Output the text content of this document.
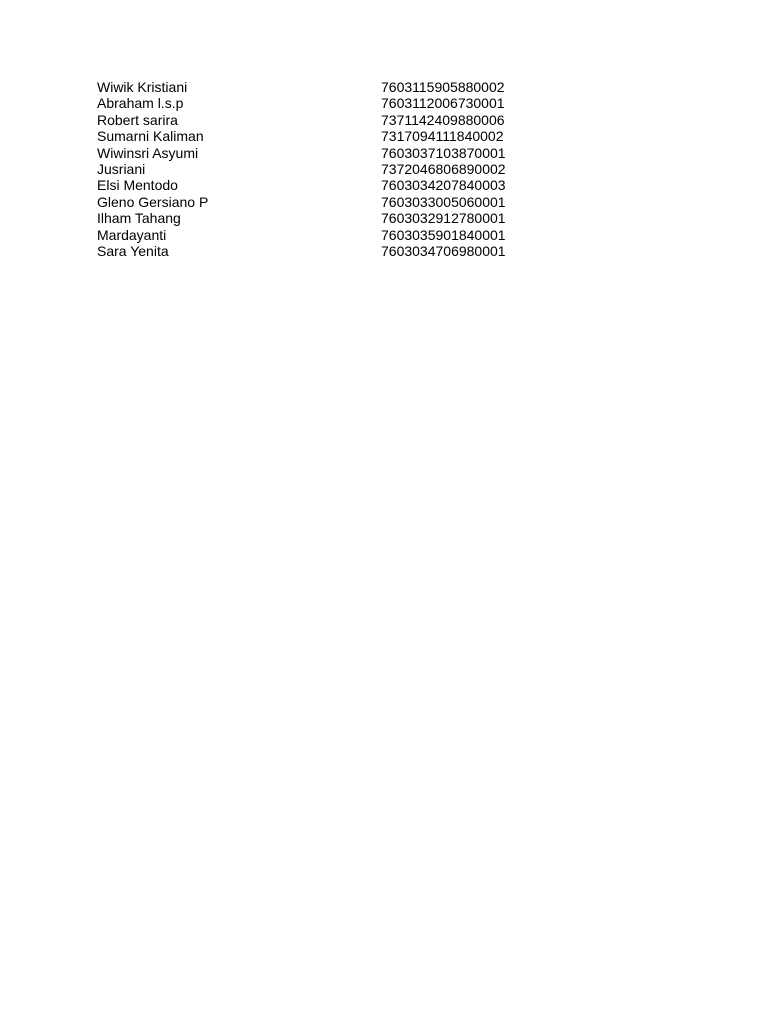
Wiwik Kristiani	7603115905880002
Abraham l.s.p	7603112006730001
Robert sarira	7371142409880006
Sumarni Kaliman	7317094111840002
Wiwinsri Asyumi	7603037103870001
Jusriani	7372046806890002
Elsi Mentodo	7603034207840003
Gleno Gersiano P	7603033005060001
Ilham Tahang	7603032912780001
Mardayanti	7603035901840001
Sara Yenita	7603034706980001
